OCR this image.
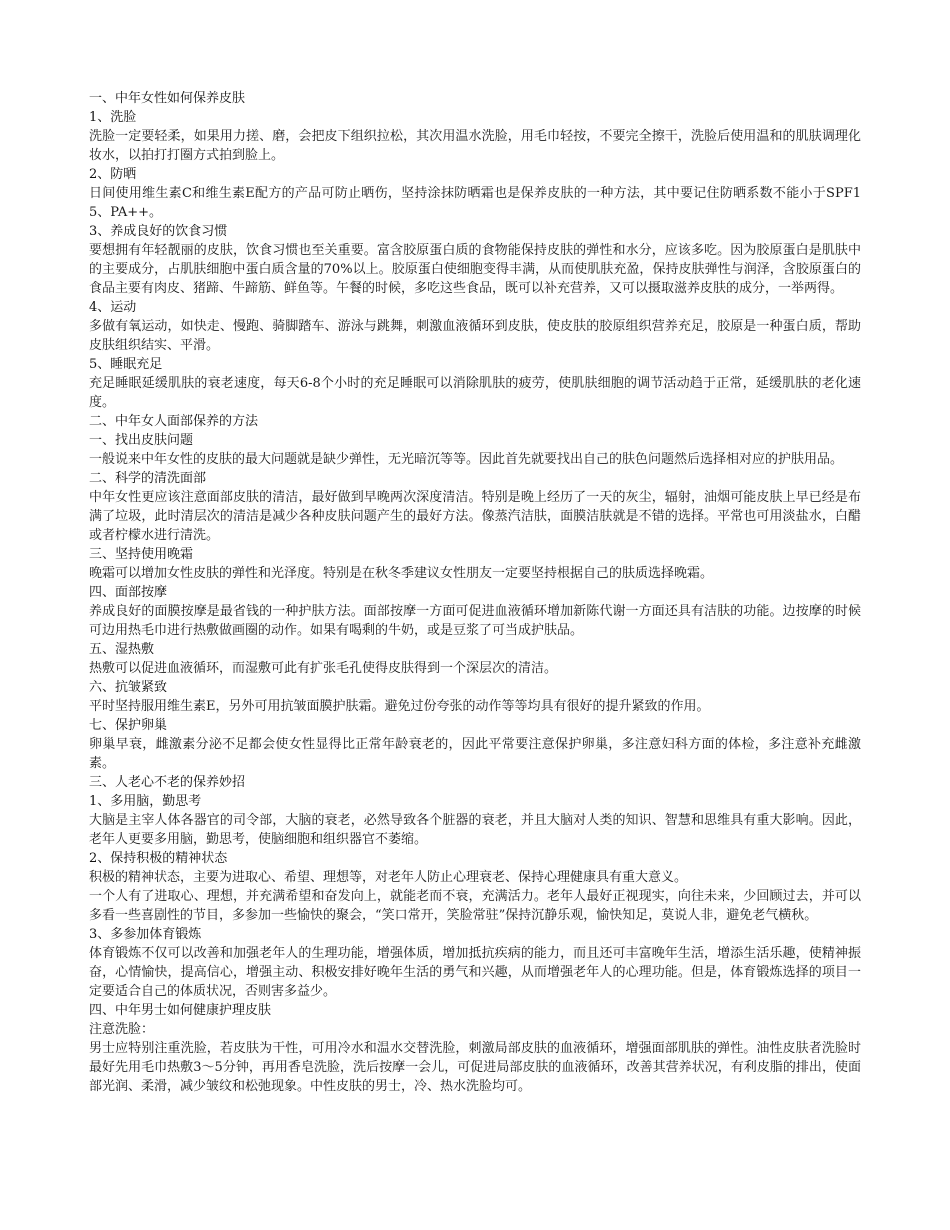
一、中年女性如何保养皮肤

1、洗脸

洗脸一定要轻柔，如果用力搓、磨，会把皮下组织拉松，其次用温水洗脸，用毛巾轻按，不要完全擦干，洗脸后使用温和的肌肤调理化妆水，以拍打打圈方式拍到脸上。

2、防晒

日间使用维生素C和维生素E配方的产品可防止晒伤，坚持涂抹防晒霜也是保养皮肤的一种方法，其中要记住防晒系数不能小于SPF15、PA++。

3、养成良好的饮食习惯

要想拥有年轻靓丽的皮肤，饮食习惯也至关重要。富含胶原蛋白质的食物能保持皮肤的弹性和水分，应该多吃。因为胶原蛋白是肌肤中的主要成分，占肌肤细胞中蛋白质含量的70%以上。胶原蛋白使细胞变得丰满，从而使肌肤充盈，保持皮肤弹性与润泽，含胶原蛋白的食品主要有肉皮、猪蹄、牛蹄筋、鲜鱼等。午餐的时候，多吃这些食品，既可以补充营养，又可以摄取滋养皮肤的成分，一举两得。

4、运动

多做有氧运动，如快走、慢跑、骑脚踏车、游泳与跳舞，刺激血液循环到皮肤，使皮肤的胶原组织营养充足，胶原是一种蛋白质，帮助皮肤组织结实、平滑。

5、睡眠充足

充足睡眠延缓肌肤的衰老速度，每天6-8个小时的充足睡眠可以消除肌肤的疲劳，使肌肤细胞的调节活动趋于正常，延缓肌肤的老化速度。

二、中年女人面部保养的方法

一、找出皮肤问题

一般说来中年女性的皮肤的最大问题就是缺少弹性，无光暗沉等等。因此首先就要找出自己的肤色问题然后选择相对应的护肤用品。

二、科学的清洗面部

中年女性更应该注意面部皮肤的清洁，最好做到早晚两次深度清洁。特别是晚上经历了一天的灰尘，辐射，油烟可能皮肤上早已经是布满了垃圾，此时清层次的清洁是减少各种皮肤问题产生的最好方法。像蒸汽洁肤，面膜洁肤就是不错的选择。平常也可用淡盐水，白醋或者柠檬水进行清洗。

三、坚持使用晚霜

晚霜可以增加女性皮肤的弹性和光泽度。特别是在秋冬季建议女性朋友一定要坚持根据自己的肤质选择晚霜。

四、面部按摩

养成良好的面膜按摩是最省钱的一种护肤方法。面部按摩一方面可促进血液循环增加新陈代谢一方面还具有洁肤的功能。边按摩的时候可边用热毛巾进行热敷做画圈的动作。如果有喝剩的牛奶，或是豆浆了可当成护肤品。

五、湿热敷

热敷可以促进血液循环，而湿敷可此有扩张毛孔使得皮肤得到一个深层次的清洁。

六、抗皱紧致

平时坚持服用维生素E，另外可用抗皱面膜护肤霜。避免过份夸张的动作等等均具有很好的提升紧致的作用。

七、保护卵巢

卵巢早衰，雌激素分泌不足都会使女性显得比正常年龄衰老的，因此平常要注意保护卵巢，多注意妇科方面的体检，多注意补充雌激素。

三、人老心不老的保养妙招

1、多用脑，勤思考

大脑是主宰人体各器官的司令部，大脑的衰老，必然导致各个脏器的衰老，并且大脑对人类的知识、智慧和思维具有重大影响。因此，老年人更要多用脑，勤思考，使脑细胞和组织器官不萎缩。

2、保持积极的精神状态

积极的精神状态，主要为进取心、希望、理想等，对老年人防止心理衰老、保持心理健康具有重大意义。

一个人有了进取心、理想，并充满希望和奋发向上，就能老而不衰，充满活力。老年人最好正视现实，向往未来，少回顾过去，并可以多看一些喜剧性的节目，多参加一些愉快的聚会，“笑口常开，笑脸常驻”保持沉静乐观，愉快知足，莫说人非，避免老气横秋。

3、多参加体育锻炼

体育锻炼不仅可以改善和加强老年人的生理功能，增强体质，增加抵抗疾病的能力，而且还可丰富晚年生活，增添生活乐趣，使精神振奋，心情愉快，提高信心，增强主动、积极安排好晚年生活的勇气和兴趣，从而增强老年人的心理功能。但是，体育锻炼选择的项目一定要适合自己的体质状况，否则害多益少。

四、中年男士如何健康护理皮肤

注意洗脸：

男士应特别注重洗脸，若皮肤为干性，可用冷水和温水交替洗脸，刺激局部皮肤的血液循环，增强面部肌肤的弹性。油性皮肤者洗脸时最好先用毛巾热敷3～5分钟，再用香皂洗脸，洗后按摩一会儿，可促进局部皮肤的血液循环，改善其营养状况，有利皮脂的排出，使面部光润、柔滑，减少皱纹和松弛现象。中性皮肤的男士，冷、热水洗脸均可。
